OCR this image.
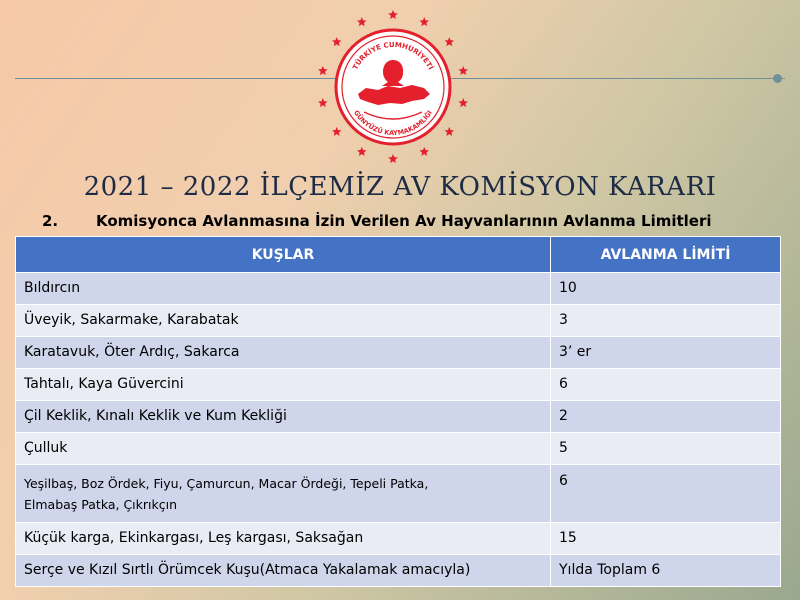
TÜRKİYE CUMHURİYETİ
GÜNYÜZÜ KAYMAKAMLIĞI
2021 – 2022 İLÇEMİZ AV KOMİSYON KARARI
2.	Komisyonca Avlanmasına İzin Verilen Av Hayvanlarının Avlanma Limitleri
KUŞLAR	AVLANMA LİMİTİ
Bıldırcın	10
Üveyik, Sakarmake, Karabatak	3
Karatavuk, Öter Ardıç, Sakarca	3’ er
Tahtalı, Kaya Güvercini	6
Çil Keklik, Kınalı Keklik ve Kum Kekliği	2
Çulluk	5
Yeşilbaş, Boz Ördek, Fiyu, Çamurcun, Macar Ördeği, Tepeli Patka,
Elmabaş Patka, Çıkrıkçın	6
Küçük karga, Ekinkargası, Leş kargası, Saksağan	15
Serçe ve Kızıl Sırtlı Örümcek Kuşu(Atmaca Yakalamak amacıyla)	Yılda Toplam 6
